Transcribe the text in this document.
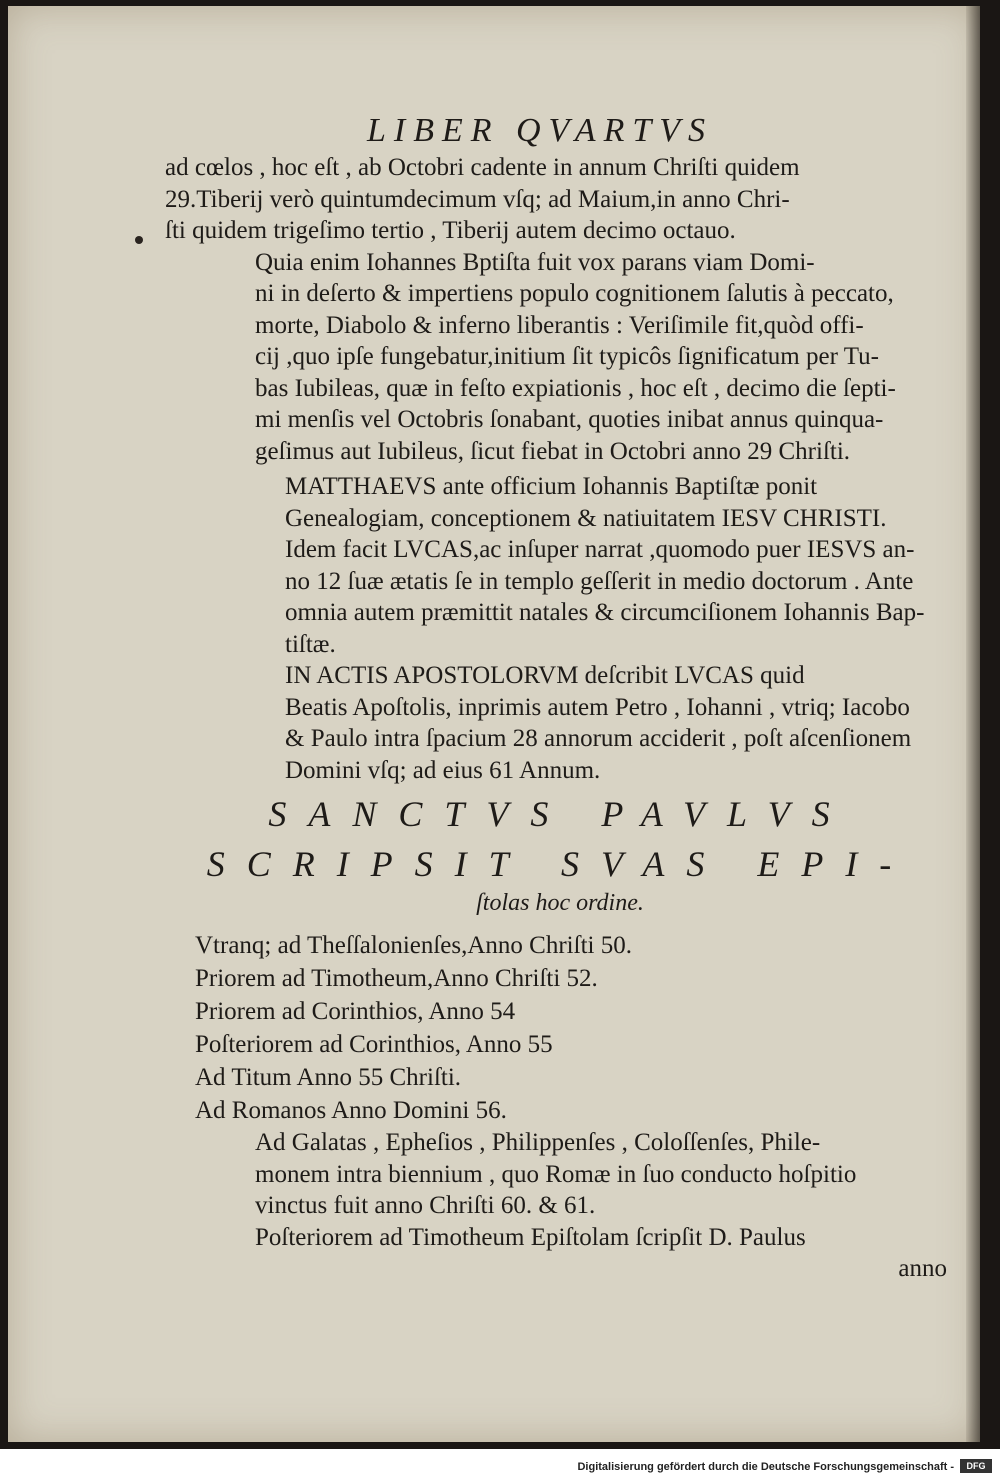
LIBER QVARTVS

ad cœlos , hoc eſt , ab Octobri cadente in annum Chriſti quidem
29.Tiberij verò quintumdecimum vſq; ad Maium,in anno Chri-
ſti quidem trigeſimo tertio , Tiberij autem decimo octauo.

Quia enim Iohannes Bptiſta fuit vox parans viam Domi-
ni in deſerto & impertiens populo cognitionem ſalutis à peccato,
morte, Diabolo & inferno liberantis : Veriſimile fit,quòd offi-
cij ,quo ipſe fungebatur,initium ſit typicôs ſignificatum per Tu-
bas Iubileas, quæ in feſto expiationis , hoc eſt , decimo die ſepti-
mi menſis vel Octobris ſonabant, quoties inibat annus quinqua-
geſimus aut Iubileus, ſicut fiebat in Octobri anno 29 Chriſti.

MATTHAEVS ante officium Iohannis Baptiſtæ ponit
Genealogiam, conceptionem & natiuitatem IESV CHRISTI.
Idem facit LVCAS,ac inſuper narrat ,quomodo puer IESVS an-
no 12 ſuæ ætatis ſe in templo geſſerit in medio doctorum . Ante
omnia autem præmittit natales & circumciſionem Iohannis Bap-
tiſtæ.

IN ACTIS APOSTOLORVM deſcribit LVCAS quid
Beatis Apoſtolis, inprimis autem Petro , Iohanni , vtriq; Iacobo
& Paulo intra ſpacium 28 annorum acciderit , poſt aſcenſionem
Domini vſq; ad eius 61 Annum.

SANCTVS PAVLVS
SCRIPSIT SVAS EPI-
ſtolas hoc ordine.
Vtranq; ad Theſſalonienſes,Anno Chriſti 50.
Priorem ad Timotheum,Anno Chriſti 52.
Priorem ad Corinthios, Anno 54
Poſteriorem ad Corinthios, Anno 55
Ad Titum Anno 55 Chriſti.
Ad Romanos Anno Domini 56.

Ad Galatas , Epheſios , Philippenſes , Coloſſenſes, Phile-
monem intra biennium , quo Romæ in ſuo conducto hoſpitio
vinctus fuit anno Chriſti 60. & 61.

Poſteriorem ad Timotheum Epiſtolam ſcripſit D. Paulus

anno
Digitalisierung gefördert durch die Deutsche Forschungsgemeinschaft -	DFG
